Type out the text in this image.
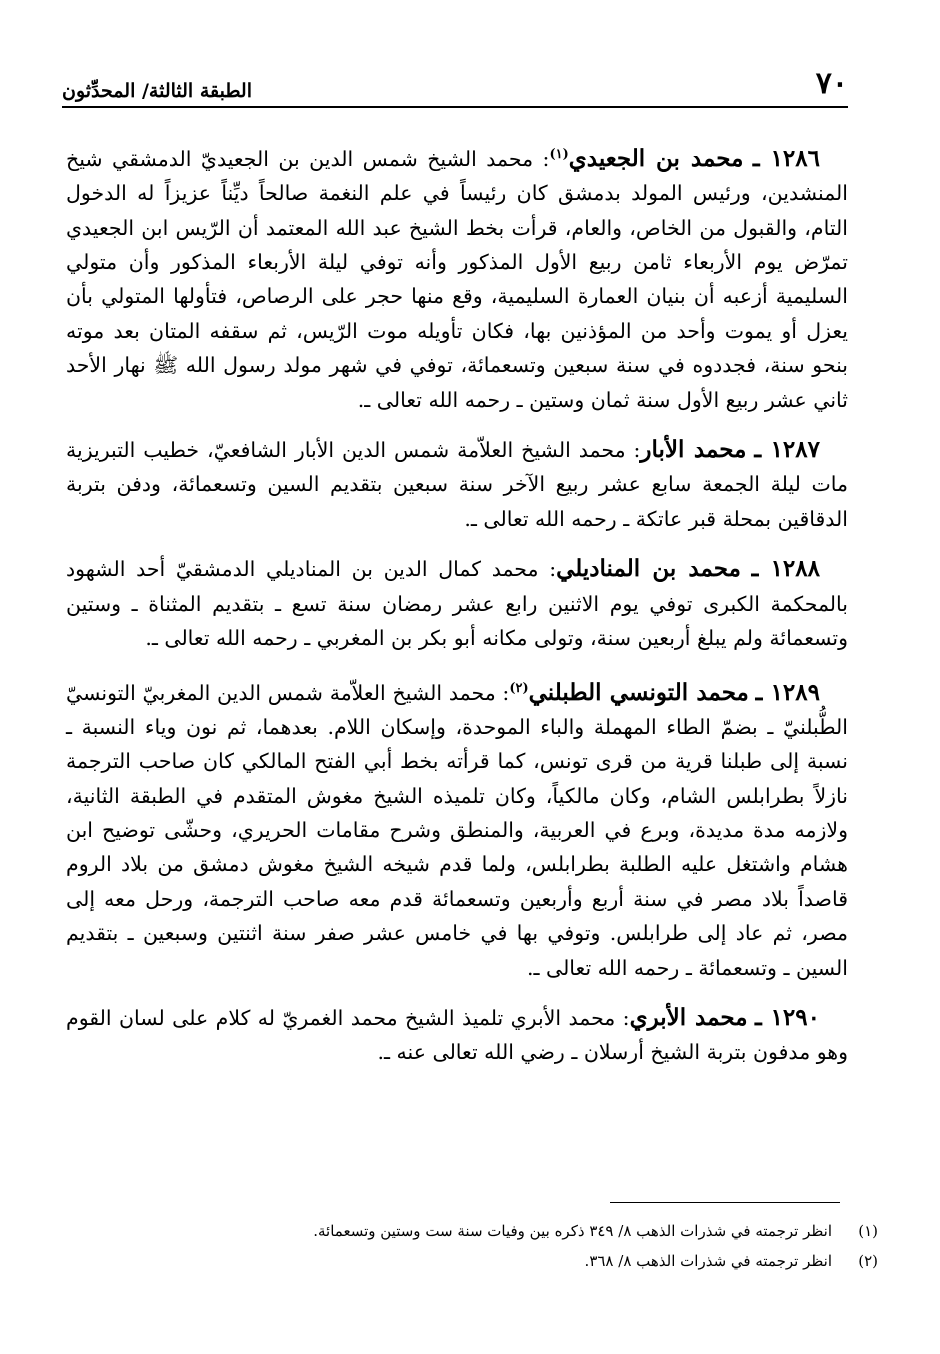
٧٠
الطبقة الثالثة/ المحدِّثون

١٢٨٦ ـ محمد بن الجعيدي$^{(١)}$: محمد الشيخ شمس الدين بن الجعيديّ الدمشقي شيخ المنشدين، ورئيس المولد بدمشق كان رئيساً في علم النغمة صالحاً ديِّناً عزيزاً له الدخول التام، والقبول من الخاص، والعام، قرأت بخط الشيخ عبد الله المعتمد أن الرّيس ابن الجعيدي تمرّض يوم الأربعاء ثامن ربيع الأول المذكور وأنه توفي ليلة الأربعاء المذكور وأن متولي السليمية أزعبه أن بنيان العمارة السليمية، وقع منها حجر على الرصاص، فتأولها المتولي بأن يعزل أو يموت وأحد من المؤذنين بها، فكان تأويله موت الرّيس، ثم سقفه المتان بعد موته بنحو سنة، فجددوه في سنة سبعين وتسعمائة، توفي في شهر مولد رسول الله ﷺ نهار الأحد ثاني عشر ربيع الأول سنة ثمان وستين ـ رحمه الله تعالى ـ.

١٢٨٧ ـ محمد الأبار: محمد الشيخ العلاّمة شمس الدين الأبار الشافعيّ، خطيب التبريزية مات ليلة الجمعة سابع عشر ربيع الآخر سنة سبعين بتقديم السين وتسعمائة، ودفن بتربة الدقاقين بمحلة قبر عاتكة ـ رحمه الله تعالى ـ.

١٢٨٨ ـ محمد بن المناديلي: محمد كمال الدين بن المناديلي الدمشقيّ أحد الشهود بالمحكمة الكبرى توفي يوم الاثنين رابع عشر رمضان سنة تسع ـ بتقديم المثناة ـ وستين وتسعمائة ولم يبلغ أربعين سنة، وتولى مكانه أبو بكر بن المغربي ـ رحمه الله تعالى ـ.

١٢٨٩ ـ محمد التونسي الطبلني$^{(٢)}$: محمد الشيخ العلاّمة شمس الدين المغربيّ التونسيّ الطُّبلنيّ ـ بضمّ الطاء المهملة والباء الموحدة، وإسكان اللام. بعدهما، ثم نون وياء النسبة ـ نسبة إلى طبلنا قرية من قرى تونس، كما قرأته بخط أبي الفتح المالكي كان صاحب الترجمة نازلاً بطرابلس الشام، وكان مالكياً، وكان تلميذه الشيخ مغوش المتقدم في الطبقة الثانية، ولازمه مدة مديدة، وبرع في العربية، والمنطق وشرح مقامات الحريري، وحشّى توضيح ابن هشام واشتغل عليه الطلبة بطرابلس، ولما قدم شيخه الشيخ مغوش دمشق من بلاد الروم قاصداً بلاد مصر في سنة أربع وأربعين وتسعمائة قدم معه صاحب الترجمة، ورحل معه إلى مصر، ثم عاد إلى طرابلس. وتوفي بها في خامس عشر صفر سنة اثنتين وسبعين ـ بتقديم السين ـ وتسعمائة ـ رحمه الله تعالى ـ.

١٢٩٠ ـ محمد الأبري: محمد الأبري تلميذ الشيخ محمد الغمريّ له كلام على لسان القوم وهو مدفون بتربة الشيخ أرسلان ـ رضي الله تعالى عنه ـ.

(١)
انظر ترجمته في شذرات الذهب ٨/ ٣٤٩ ذكره بين وفيات سنة ست وستين وتسعمائة.
(٢)
انظر ترجمته في شذرات الذهب ٨/ ٣٦٨.
